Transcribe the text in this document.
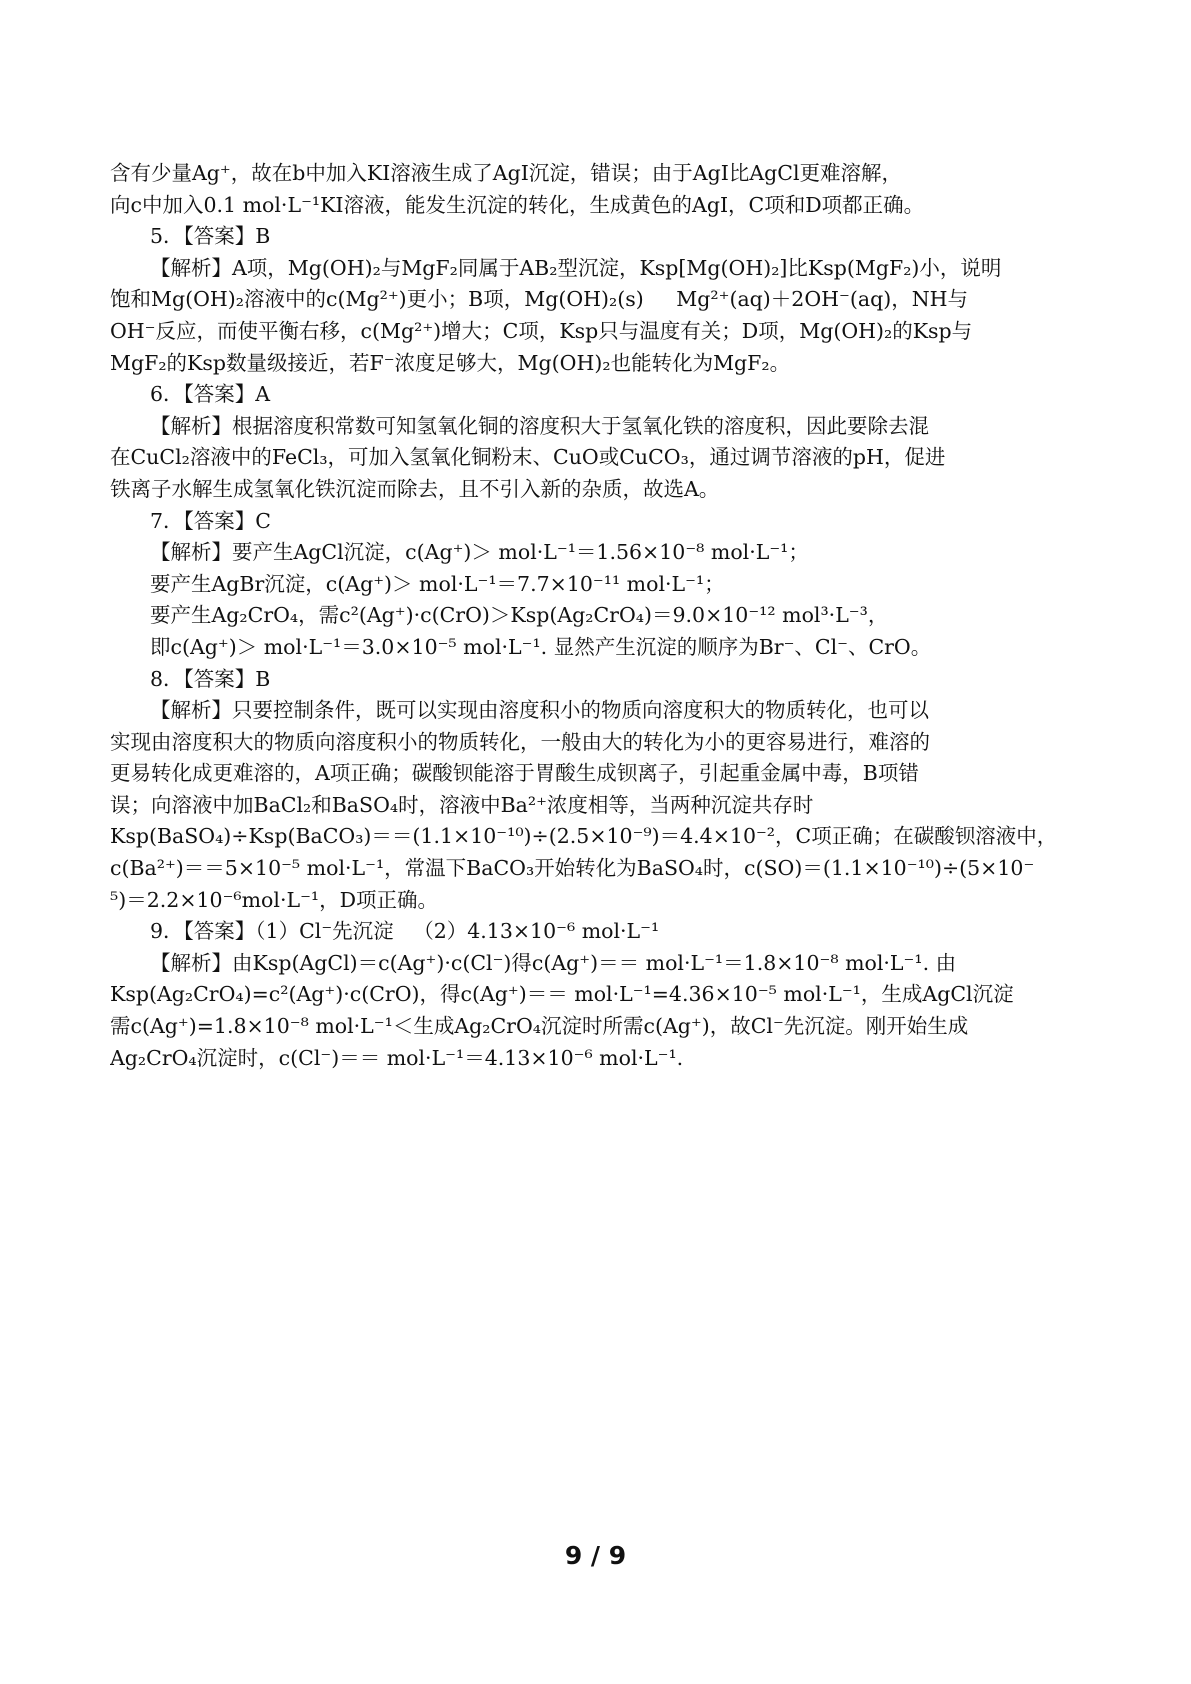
含有少量Ag⁺，故在b中加入KI溶液生成了AgI沉淀，错误；由于AgI比AgCl更难溶解，
向c中加入0.1 mol·L⁻¹KI溶液，能发生沉淀的转化，生成黄色的AgI，C项和D项都正确。
5．【答案】B
【解析】A项，Mg(OH)₂与MgF₂同属于AB₂型沉淀，Ksp[Mg(OH)₂]比Ksp(MgF₂)小，说明
饱和Mg(OH)₂溶液中的c(Mg²⁺)更小；B项，Mg(OH)₂(s)     Mg²⁺(aq)＋2OH⁻(aq)，NH与
OH⁻反应，而使平衡右移，c(Mg²⁺)增大；C项，Ksp只与温度有关；D项，Mg(OH)₂的Ksp与
MgF₂的Ksp数量级接近，若F⁻浓度足够大，Mg(OH)₂也能转化为MgF₂。
6．【答案】A
【解析】根据溶度积常数可知氢氧化铜的溶度积大于氢氧化铁的溶度积，因此要除去混
在CuCl₂溶液中的FeCl₃，可加入氢氧化铜粉末、CuO或CuCO₃，通过调节溶液的pH，促进
铁离子水解生成氢氧化铁沉淀而除去，且不引入新的杂质，故选A。
7．【答案】C
【解析】要产生AgCl沉淀，c(Ag⁺)＞ mol·L⁻¹＝1.56×10⁻⁸ mol·L⁻¹；
要产生AgBr沉淀，c(Ag⁺)＞ mol·L⁻¹＝7.7×10⁻¹¹ mol·L⁻¹；
要产生Ag₂CrO₄，需c²(Ag⁺)·c(CrO)＞Ksp(Ag₂CrO₄)＝9.0×10⁻¹² mol³·L⁻³，
即c(Ag⁺)＞ mol·L⁻¹＝3.0×10⁻⁵ mol·L⁻¹. 显然产生沉淀的顺序为Br⁻、Cl⁻、CrO。
8．【答案】B
【解析】只要控制条件，既可以实现由溶度积小的物质向溶度积大的物质转化，也可以
实现由溶度积大的物质向溶度积小的物质转化，一般由大的转化为小的更容易进行，难溶的
更易转化成更难溶的，A项正确；碳酸钡能溶于胃酸生成钡离子，引起重金属中毒，B项错
误；向溶液中加BaCl₂和BaSO₄时，溶液中Ba²⁺浓度相等，当两种沉淀共存时
Ksp(BaSO₄)÷Ksp(BaCO₃)＝＝(1.1×10⁻¹⁰)÷(2.5×10⁻⁹)＝4.4×10⁻²，C项正确；在碳酸钡溶液中，
c(Ba²⁺)＝＝5×10⁻⁵ mol·L⁻¹，常温下BaCO₃开始转化为BaSO₄时，c(SO)＝(1.1×10⁻¹⁰)÷(5×10⁻
⁵)＝2.2×10⁻⁶mol·L⁻¹，D项正确。
9．【答案】（1）Cl⁻先沉淀   （2）4.13×10⁻⁶ mol·L⁻¹
【解析】由Ksp(AgCl)＝c(Ag⁺)·c(Cl⁻)得c(Ag⁺)＝＝ mol·L⁻¹＝1.8×10⁻⁸ mol·L⁻¹. 由
Ksp(Ag₂CrO₄)=c²(Ag⁺)·c(CrO)，得c(Ag⁺)＝＝ mol·L⁻¹=4.36×10⁻⁵ mol·L⁻¹，生成AgCl沉淀
需c(Ag⁺)=1.8×10⁻⁸ mol·L⁻¹＜生成Ag₂CrO₄沉淀时所需c(Ag⁺)，故Cl⁻先沉淀。刚开始生成
Ag₂CrO₄沉淀时，c(Cl⁻)＝＝ mol·L⁻¹＝4.13×10⁻⁶ mol·L⁻¹.
9 / 9
